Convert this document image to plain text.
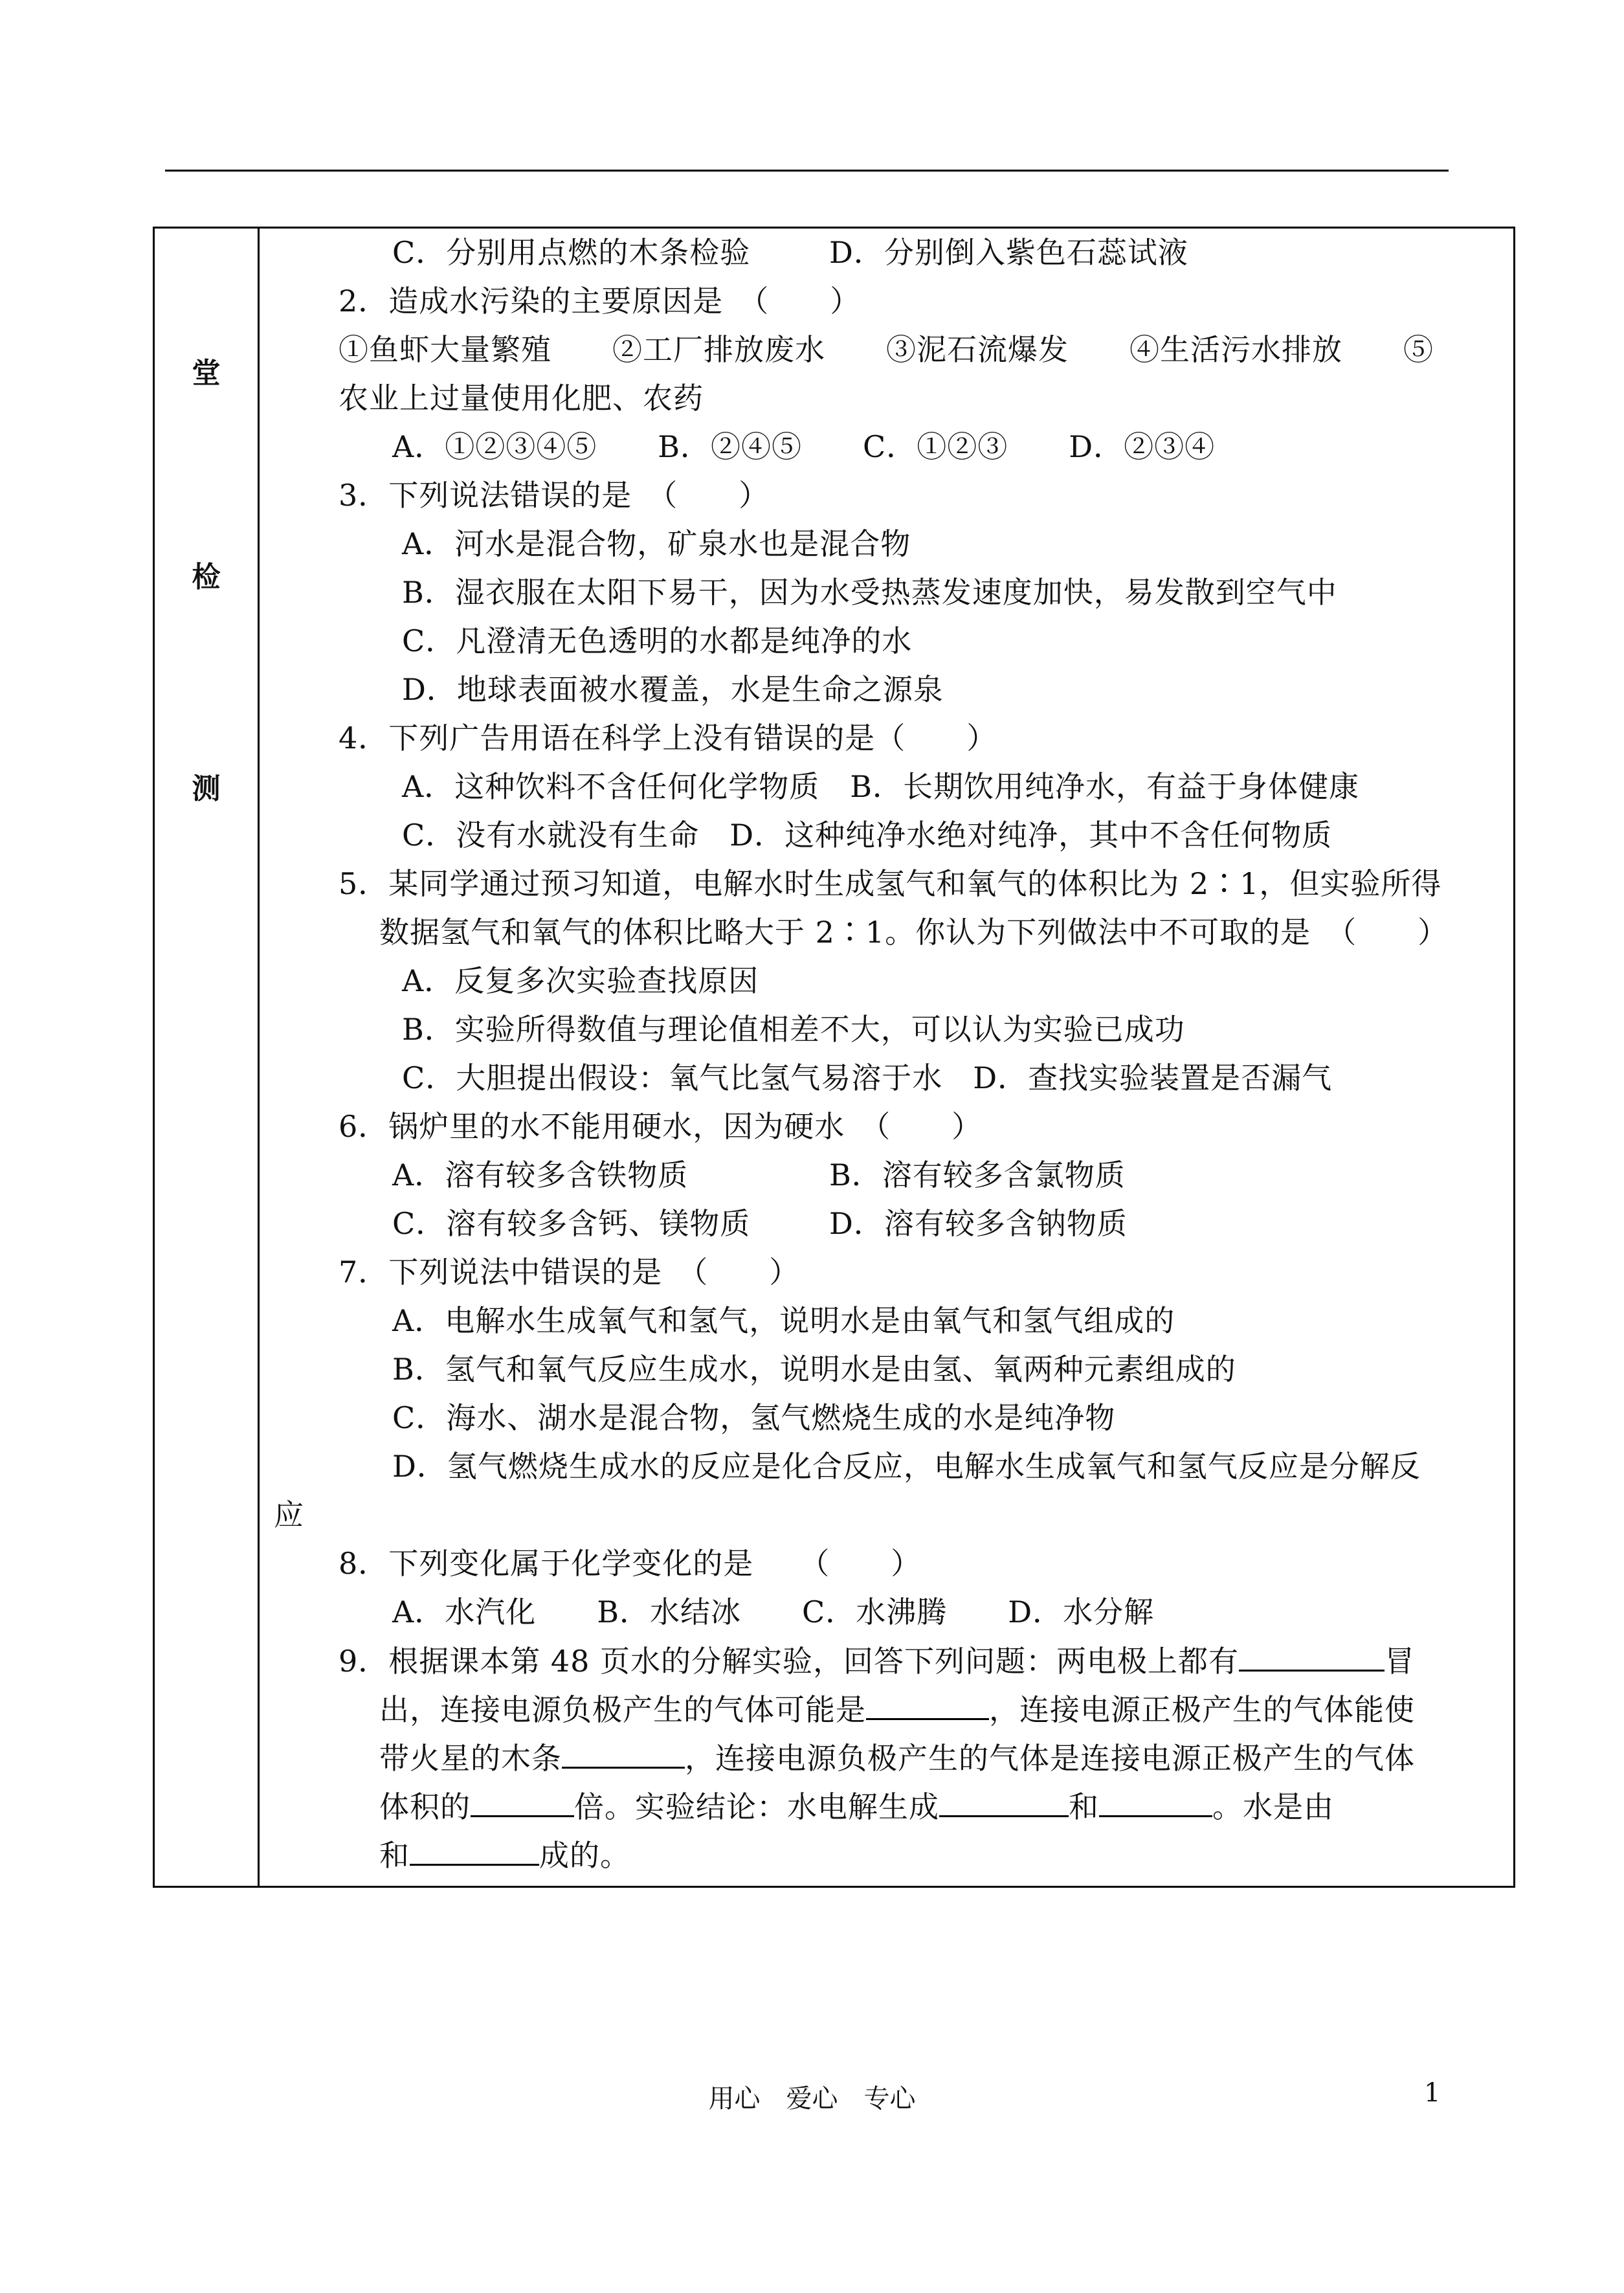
堂
检
测
C．分别用点燃的木条检验	D．分别倒入紫色石蕊试液
2．造成水污染的主要原因是　（　　）
①鱼虾大量繁殖　　②工厂排放废水　　③泥石流爆发　　④生活污水排放　　⑤
农业上过量使用化肥、农药
A．①②③④⑤　　B．②④⑤　　C．①②③　　D．②③④
3．下列说法错误的是　（　　）
A．河水是混合物，矿泉水也是混合物
B．湿衣服在太阳下易干，因为水受热蒸发速度加快，易发散到空气中
C．凡澄清无色透明的水都是纯净的水
D．地球表面被水覆盖，水是生命之源泉
4．下列广告用语在科学上没有错误的是（　　）
A．这种饮料不含任何化学物质　B．长期饮用纯净水，有益于身体健康
C．没有水就没有生命　D．这种纯净水绝对纯净，其中不含任何物质
5．某同学通过预习知道，电解水时生成氢气和氧气的体积比为 2∶1，但实验所得
数据氢气和氧气的体积比略大于 2∶1。你认为下列做法中不可取的是　（　　）
A．反复多次实验查找原因
B．实验所得数值与理论值相差不大，可以认为实验已成功
C．大胆提出假设：氧气比氢气易溶于水　D．查找实验装置是否漏气
6．锅炉里的水不能用硬水，因为硬水　（　　）
A．溶有较多含铁物质	B．溶有较多含氯物质
C．溶有较多含钙、镁物质	D．溶有较多含钠物质
7．下列说法中错误的是　（　　）
A．电解水生成氧气和氢气，说明水是由氧气和氢气组成的
B．氢气和氧气反应生成水，说明水是由氢、氧两种元素组成的
C．海水、湖水是混合物，氢气燃烧生成的水是纯净物
D．氢气燃烧生成水的反应是化合反应，电解水生成氧气和氢气反应是分解反
应
8．下列变化属于化学变化的是　　（　　）
A．水汽化　　B．水结冰　　C．水沸腾　　D．水分解
9．根据课本第 48 页水的分解实验，回答下列问题：两电极上都有	冒
出，连接电源负极产生的气体可能是	，连接电源正极产生的气体能使
带火星的木条	，连接电源负极产生的气体是连接电源正极产生的气体
体积的	倍。实验结论：水电解生成	和	。水是由
和	成的。
用心　爱心　专心	1
